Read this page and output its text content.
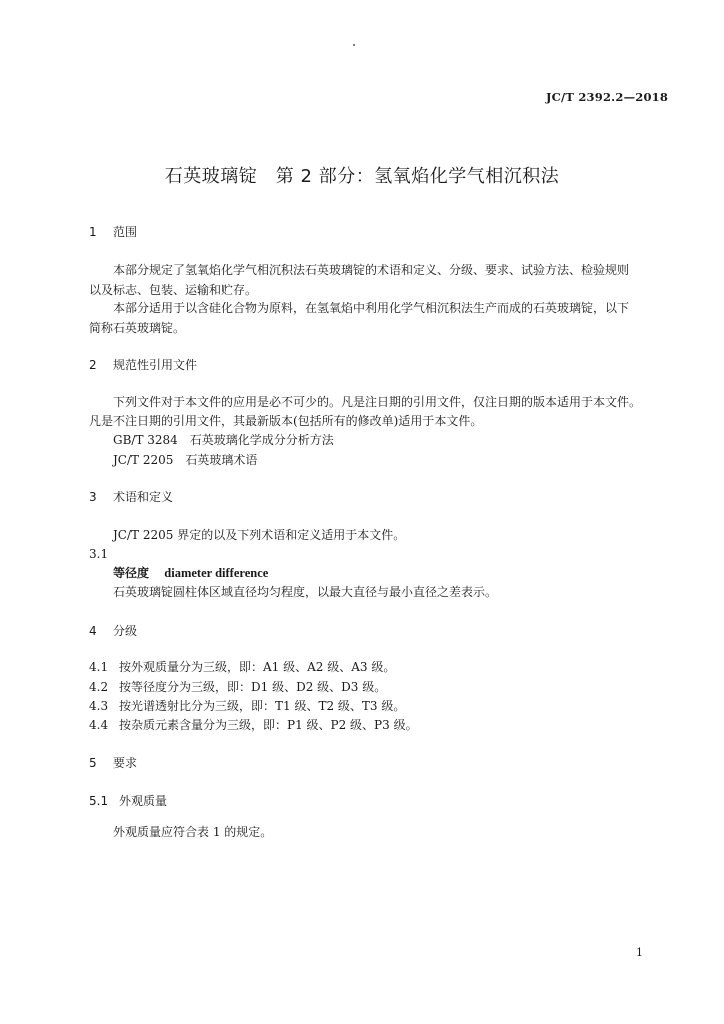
JC/T 2392.2—2018
石英玻璃锭　第 2 部分：氢氧焰化学气相沉积法
1 范围
本部分规定了氢氧焰化学气相沉积法石英玻璃锭的术语和定义、分级、要求、试验方法、检验规则
以及标志、包装、运输和贮存。
本部分适用于以含硅化合物为原料，在氢氧焰中利用化学气相沉积法生产而成的石英玻璃锭，以下
简称石英玻璃锭。
2 规范性引用文件
下列文件对于本文件的应用是必不可少的。凡是注日期的引用文件，仅注日期的版本适用于本文件。
凡是不注日期的引用文件，其最新版本(包括所有的修改单)适用于本文件。
GB/T 3284　石英玻璃化学成分分析方法
JC/T 2205　石英玻璃术语
3 术语和定义
JC/T 2205 界定的以及下列术语和定义适用于本文件。
3.1
等径度 diameter difference
石英玻璃锭圆柱体区域直径均匀程度，以最大直径与最小直径之差表示。
4 分级
4.1 按外观质量分为三级，即：A1 级、A2 级、A3 级。
4.2 按等径度分为三级，即：D1 级、D2 级、D3 级。
4.3 按光谱透射比分为三级，即：T1 级、T2 级、T3 级。
4.4 按杂质元素含量分为三级，即：P1 级、P2 级、P3 级。
5 要求
5.1 外观质量
外观质量应符合表 1 的规定。
1
